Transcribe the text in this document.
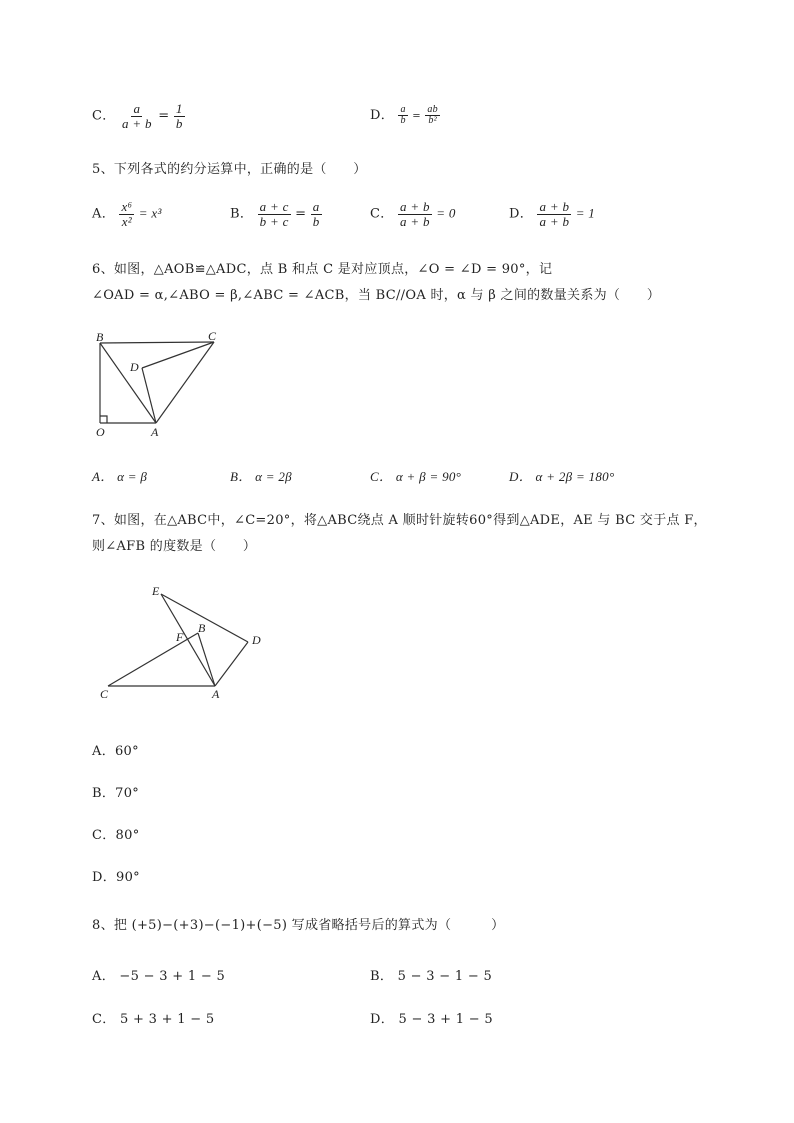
C． $\frac{a}{a + b} = \frac{1}{b}$	D． $\frac{a}{b} = \frac{ab}{\text{b²}}$
5、下列各式的约分运算中，正确的是（　　）
A． $\frac{\text{x⁶}}{\text{x²}} = x^3$	B． $\frac{a + c}{b + c} = \frac{a}{b}$	C． $\frac{a + b}{a + b} = 0$	D． $\frac{a + b}{a + b} = 1$
6、如图，△AOB≌△ADC，点 B 和点 C 是对应顶点，∠O = ∠D = 90°，记
∠OAD = α,∠ABO = β,∠ABC = ∠ACB，当 BC//OA 时，α 与 β 之间的数量关系为（　　）
B	C
D
O	A
A． α = β	B． α = 2β	C． α + β = 90°	D． α + 2β = 180°
7、如图，在△ABC中，∠C=20°，将△ABC绕点 A 顺时针旋转60°得到△ADE，AE 与 BC 交于点 F，
则∠AFB 的度数是（　　）
E
F
B
D
C	A
A．60°
B．70°
C．80°
D．90°
8、把 (+5)−(+3)−(−1)+(−5) 写成省略括号后的算式为（　　　）
A． −5 − 3 + 1 − 5	B． 5 − 3 − 1 − 5
C． 5 + 3 + 1 − 5	D． 5 − 3 + 1 − 5
